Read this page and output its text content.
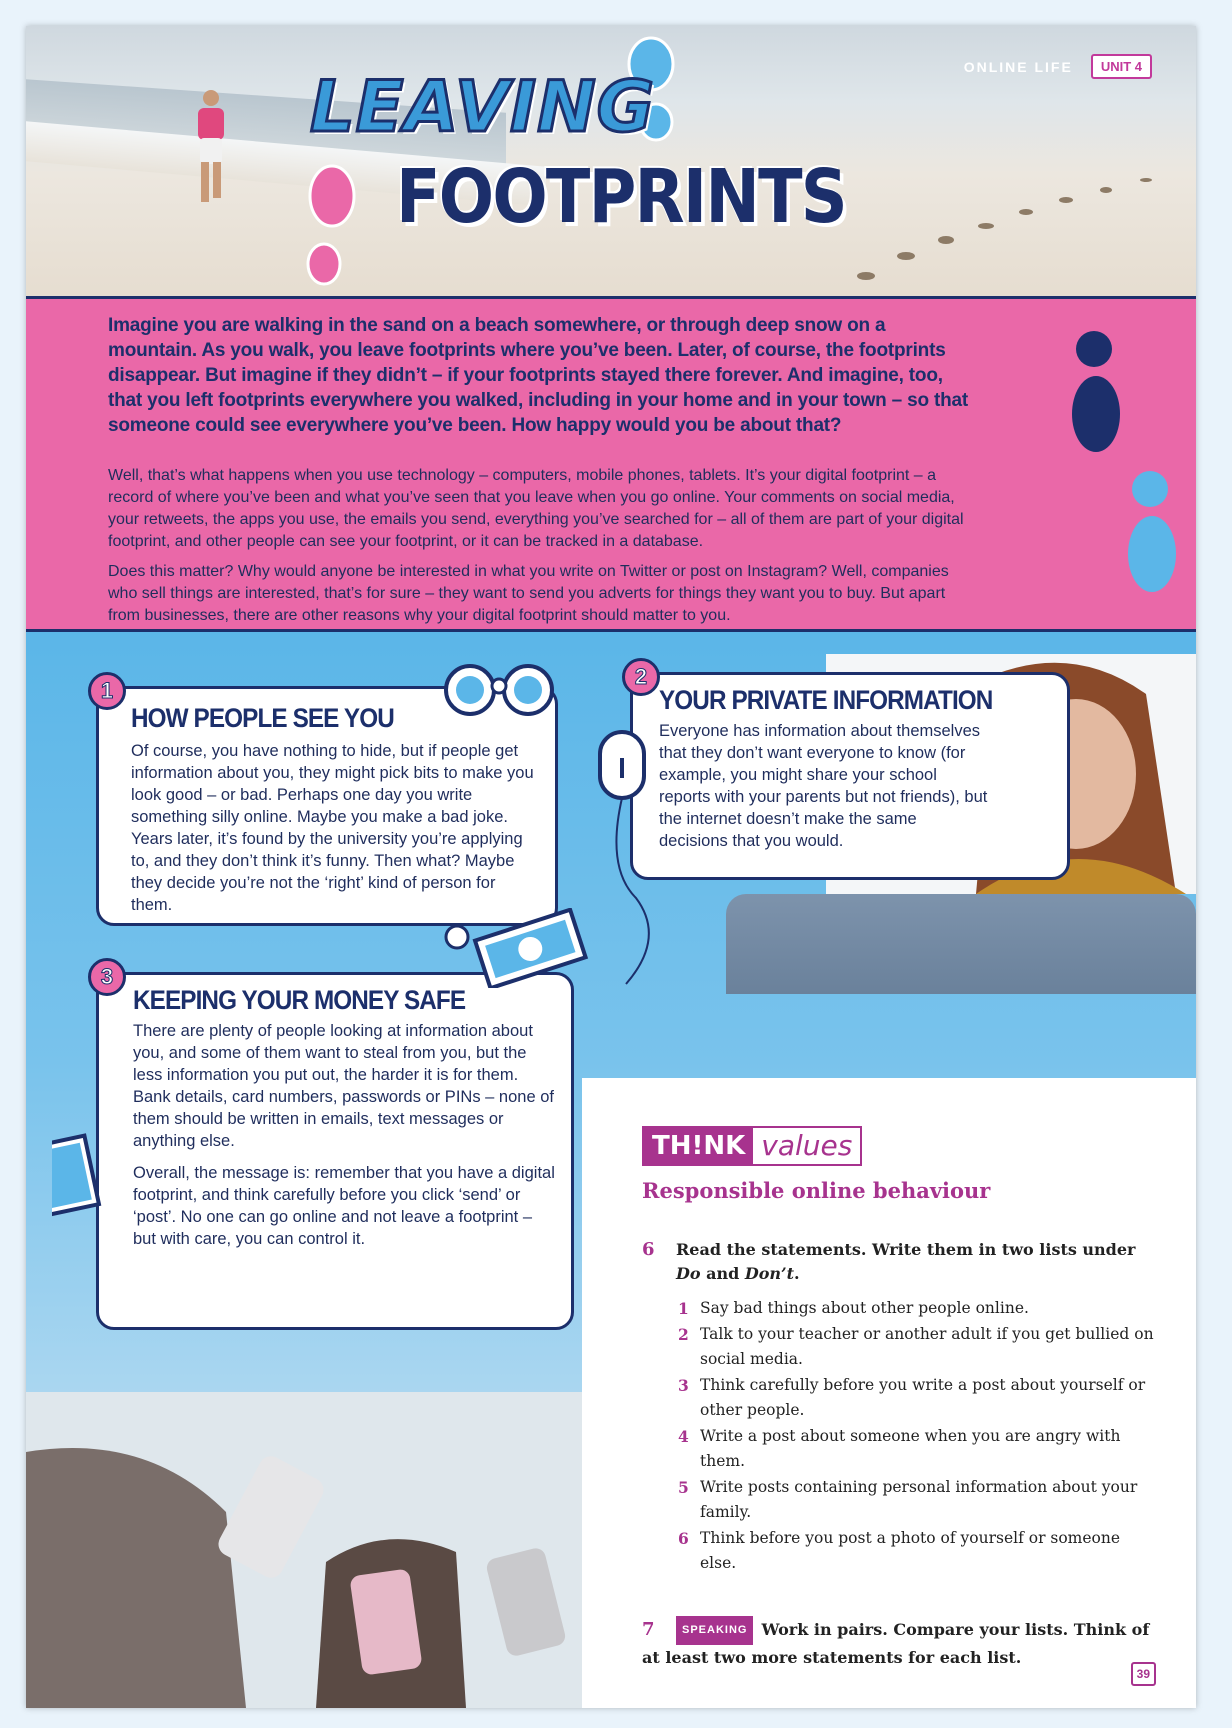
LEAVING
FOOTPRINTS
ONLINE LIFE	UNIT 4
Imagine you are walking in the sand on a beach somewhere, or through deep snow on a mountain. As you walk, you leave footprints where you’ve been. Later, of course, the footprints disappear. But imagine if they didn’t – if your footprints stayed there forever. And imagine, too, that you left footprints everywhere you walked, including in your home and in your town – so that someone could see everywhere you’ve been. How happy would you be about that?
Well, that’s what happens when you use technology – computers, mobile phones, tablets. It’s your digital footprint – a record of where you’ve been and what you’ve seen that you leave when you go online. Your comments on social media, your retweets, the apps you use, the emails you send, everything you’ve searched for – all of them are part of your digital footprint, and other people can see your footprint, or it can be tracked in a database.
Does this matter? Why would anyone be interested in what you write on Twitter or post on Instagram? Well, companies who sell things are interested, that’s for sure – they want to send you adverts for things they want you to buy. But apart from businesses, there are other reasons why your digital footprint should matter to you.
HOW PEOPLE SEE YOU
Of course, you have nothing to hide, but if people get information about you, they might pick bits to make you look good – or bad. Perhaps one day you write something silly online. Maybe you make a bad joke. Years later, it’s found by the university you’re applying to, and they don’t think it’s funny. Then what? Maybe they decide you’re not the ‘right’ kind of person for them.
1	YOUR PRIVATE INFORMATION
Everyone has information about themselves that they don’t want everyone to know (for example, you might share your school reports with your parents but not friends), but the internet doesn’t make the same decisions that you would.
2
KEEPING YOUR MONEY SAFE
There are plenty of people looking at information about you, and some of them want to steal from you, but the less information you put out, the harder it is for them. Bank details, card numbers, passwords or PINs – none of them should be written in emails, text messages or anything else.
Overall, the message is: remember that you have a digital footprint, and think carefully before you click ‘send’ or ‘post’. No one can go online and not leave a footprint – but with care, you can control it.
3
TH!NK values
Responsible online behaviour
6 Read the statements. Write them in two lists under Do and Don’t.
1 Say bad things about other people online.
2 Talk to your teacher or another adult if you get bullied on social media.
3 Think carefully before you write a post about yourself or other people.
4 Write a post about someone when you are angry with them.
5 Write posts containing personal information about your family.
6 Think before you post a photo of yourself or someone else.
7 SPEAKING Work in pairs. Compare your lists. Think of at least two more statements for each list.
39
